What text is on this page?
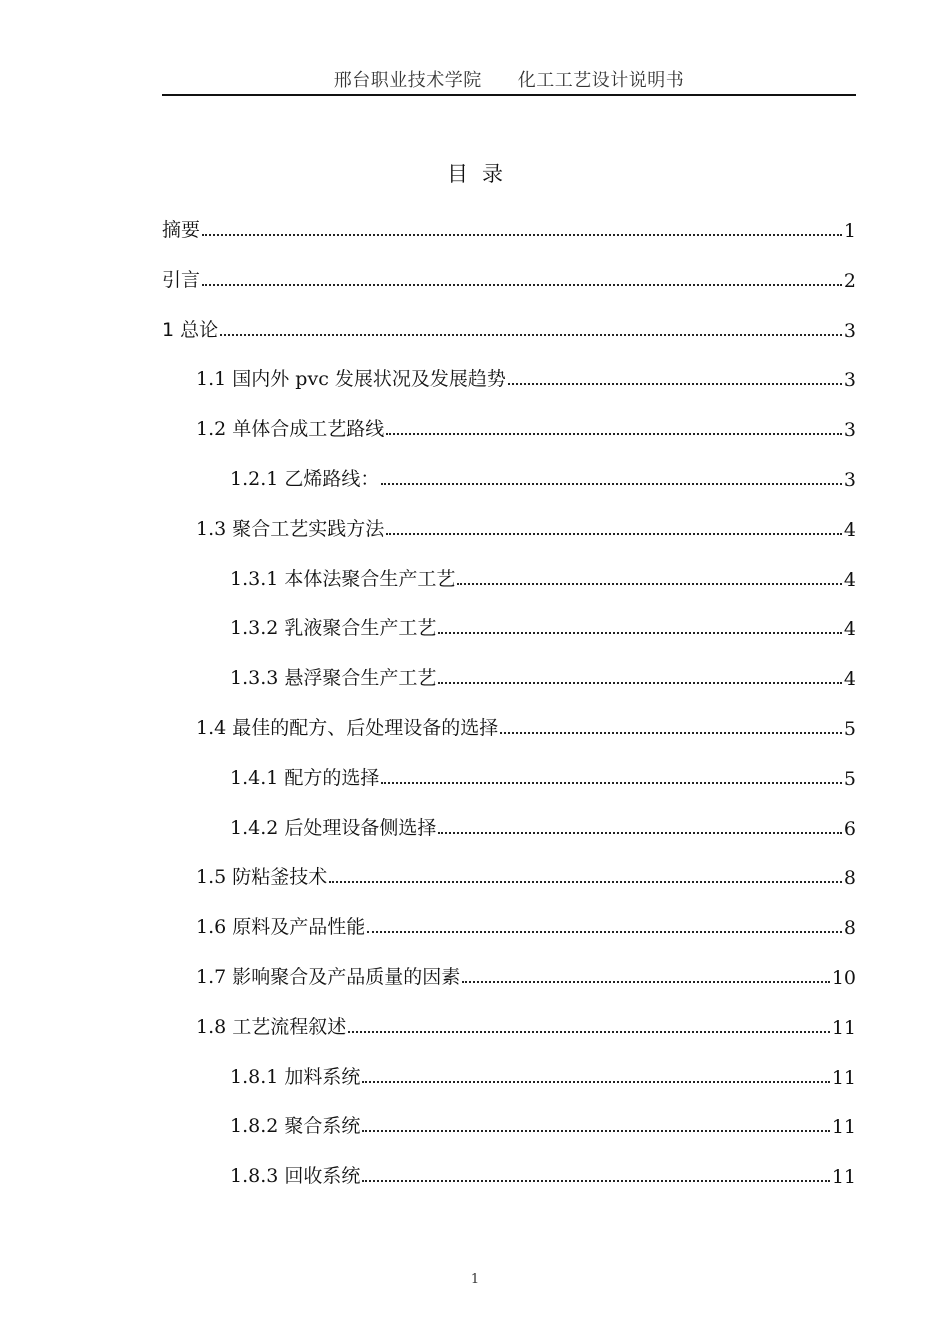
邢台职业技术学院 化工工艺设计说明书
目录
摘要	1
引言	2
1 总论	3
1.1 国内外 pvc 发展状况及发展趋势	3
1.2 单体合成工艺路线	3
1.2.1 乙烯路线：	3
1.3 聚合工艺实践方法	4
1.3.1 本体法聚合生产工艺	4
1.3.2 乳液聚合生产工艺	4
1.3.3 悬浮聚合生产工艺	4
1.4 最佳的配方、后处理设备的选择	5
1.4.1 配方的选择	5
1.4.2 后处理设备侧选择	6
1.5 防粘釜技术	8
1.6 原料及产品性能	8
1.7 影响聚合及产品质量的因素	10
1.8 工艺流程叙述	11
1.8.1 加料系统	11
1.8.2 聚合系统	11
1.8.3 回收系统	11
1
